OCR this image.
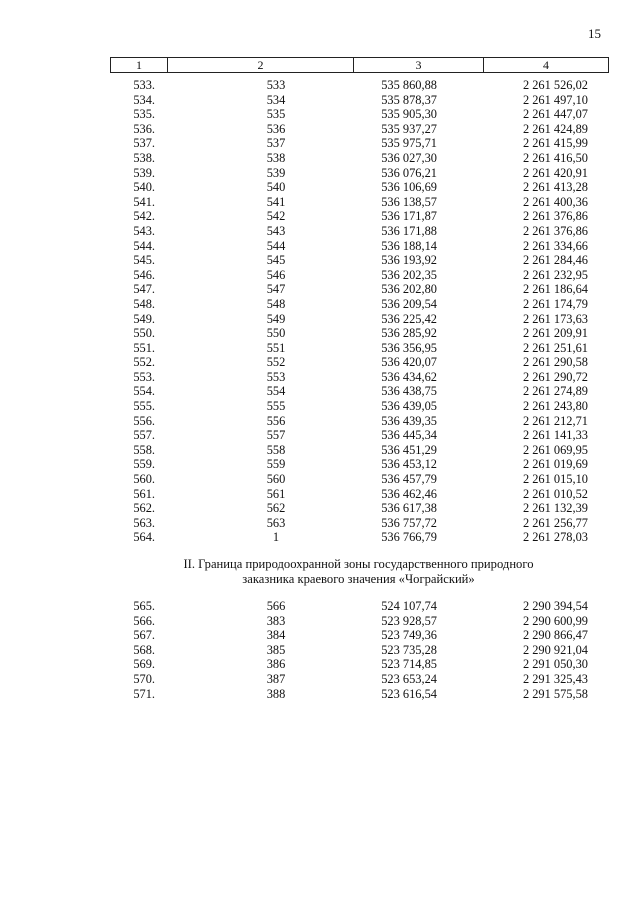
15
1	2	3	4
533.	533	535 860,88	2 261 526,02
534.	534	535 878,37	2 261 497,10
535.	535	535 905,30	2 261 447,07
536.	536	535 937,27	2 261 424,89
537.	537	535 975,71	2 261 415,99
538.	538	536 027,30	2 261 416,50
539.	539	536 076,21	2 261 420,91
540.	540	536 106,69	2 261 413,28
541.	541	536 138,57	2 261 400,36
542.	542	536 171,87	2 261 376,86
543.	543	536 171,88	2 261 376,86
544.	544	536 188,14	2 261 334,66
545.	545	536 193,92	2 261 284,46
546.	546	536 202,35	2 261 232,95
547.	547	536 202,80	2 261 186,64
548.	548	536 209,54	2 261 174,79
549.	549	536 225,42	2 261 173,63
550.	550	536 285,92	2 261 209,91
551.	551	536 356,95	2 261 251,61
552.	552	536 420,07	2 261 290,58
553.	553	536 434,62	2 261 290,72
554.	554	536 438,75	2 261 274,89
555.	555	536 439,05	2 261 243,80
556.	556	536 439,35	2 261 212,71
557.	557	536 445,34	2 261 141,33
558.	558	536 451,29	2 261 069,95
559.	559	536 453,12	2 261 019,69
560.	560	536 457,79	2 261 015,10
561.	561	536 462,46	2 261 010,52
562.	562	536 617,38	2 261 132,39
563.	563	536 757,72	2 261 256,77
564.	1	536 766,79	2 261 278,03
II. Граница природоохранной зоны государственного природного
заказника краевого значения «Чограйский»
565.	566	524 107,74	2 290 394,54
566.	383	523 928,57	2 290 600,99
567.	384	523 749,36	2 290 866,47
568.	385	523 735,28	2 290 921,04
569.	386	523 714,85	2 291 050,30
570.	387	523 653,24	2 291 325,43
571.	388	523 616,54	2 291 575,58
